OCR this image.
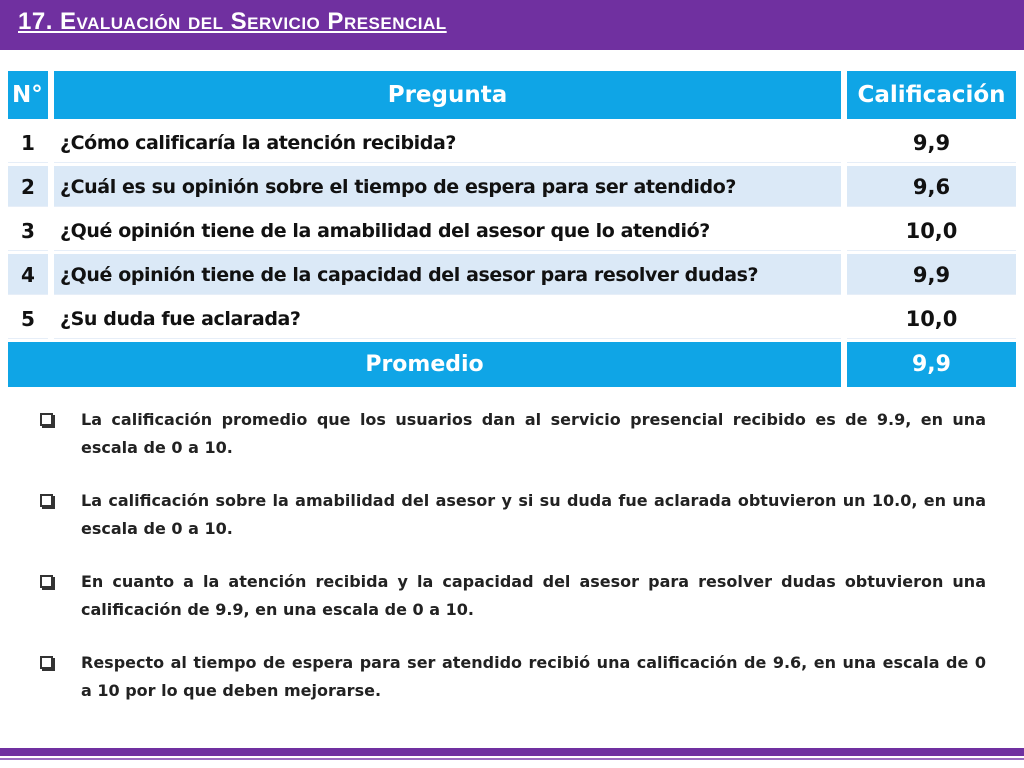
17. Evaluación del Servicio Presencial
N°	Pregunta	Calificación
1	¿Cómo calificaría la atención recibida?	9,9
2	¿Cuál es su opinión sobre el tiempo de espera para ser atendido?	9,6
3	¿Qué opinión tiene de la amabilidad del asesor que lo atendió?	10,0
4	¿Qué opinión tiene de la capacidad del asesor para resolver dudas?	9,9
5	¿Su duda fue aclarada?	10,0
Promedio		9,9
La calificación promedio que los usuarios dan al servicio presencial recibido es de 9.9, en una escala de 0 a 10.
La calificación sobre la amabilidad del asesor y si su duda fue aclarada obtuvieron un 10.0, en una escala de 0 a 10.
En cuanto a la atención recibida y la capacidad del asesor para resolver dudas obtuvieron una calificación de 9.9, en una escala de 0 a 10.
Respecto al tiempo de espera para ser atendido recibió una calificación de 9.6, en una escala de 0 a 10 por lo que deben mejorarse.
